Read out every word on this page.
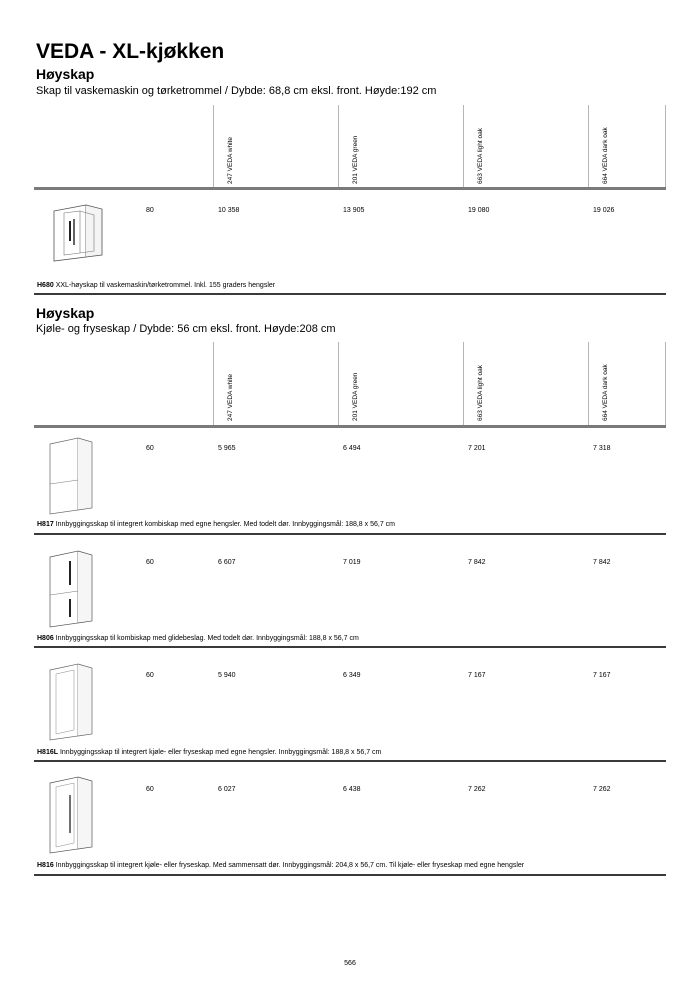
VEDA - XL-kjøkken
Høyskap
Skap til vaskemaskin og tørketrommel / Dybde: 68,8 cm eksl. front. Høyde:192 cm
247 VEDA white	201 VEDA green	663 VEDA light oak	664 VEDA dark oak
80	10 358	13 905	19 080	19 026
H680 XXL-høyskap til vaskemaskin/tørketrommel. Inkl. 155 graders hengsler
Høyskap
Kjøle- og fryseskap / Dybde: 56 cm eksl. front. Høyde:208 cm
247 VEDA white	201 VEDA green	663 VEDA light oak	664 VEDA dark oak
60	5 965	6 494	7 201	7 318
H817 Innbyggingsskap til integrert kombiskap med egne hengsler. Med todelt dør. Innbyggingsmål: 188,8 x 56,7 cm
60	6 607	7 019	7 842	7 842
H806 Innbyggingsskap til kombiskap med glidebeslag. Med todelt dør. Innbyggingsmål: 188,8 x 56,7 cm
60	5 940	6 349	7 167	7 167
H816L Innbyggingsskap til integrert kjøle- eller fryseskap med egne hengsler. Innbyggingsmål: 188,8 x 56,7 cm
60	6 027	6 438	7 262	7 262
H816 Innbyggingsskap til integrert kjøle- eller fryseskap. Med sammensatt dør. Innbyggingsmål: 204,8 x 56,7 cm. Til kjøle- eller fryseskap med egne hengsler
566
